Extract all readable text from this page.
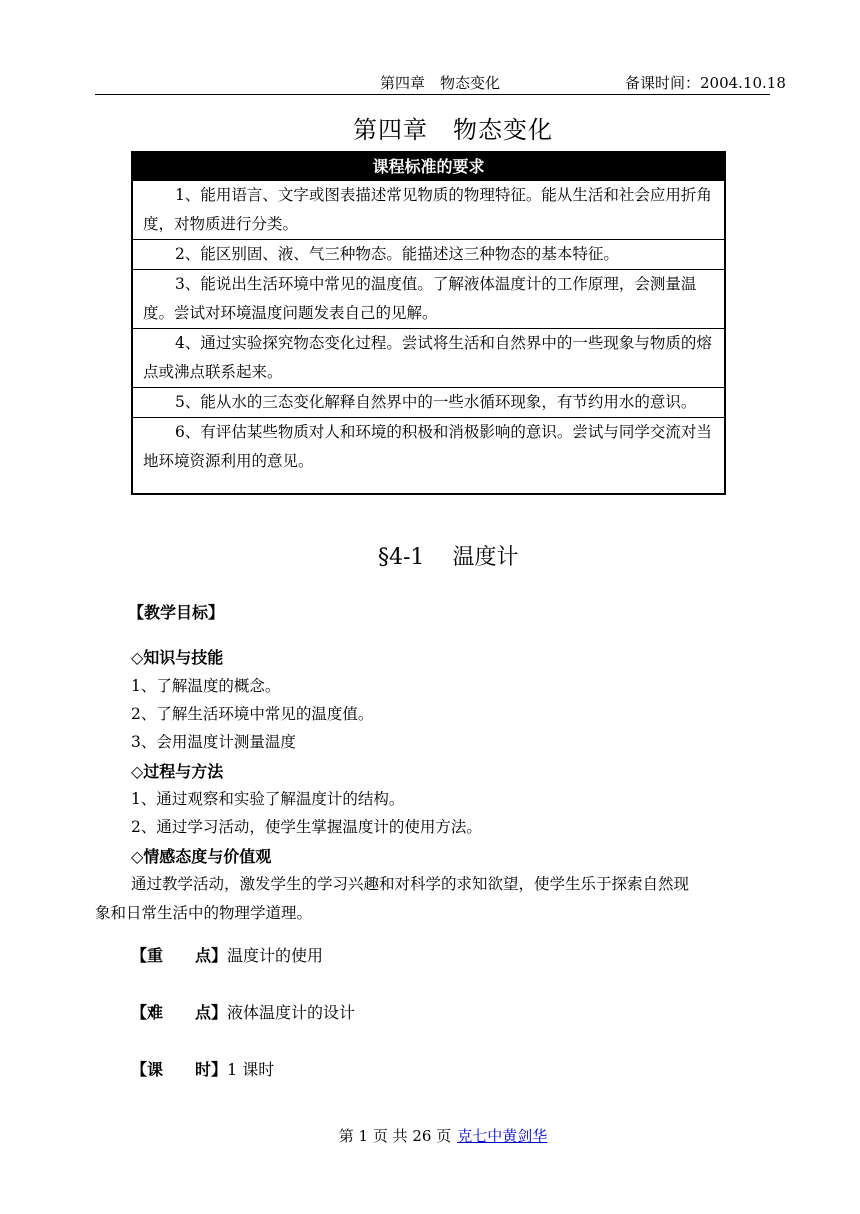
第四章　物态变化	备课时间：2004.10.18
第四章　物态变化
课程标准的要求
1、能用语言、文字或图表描述常见物质的物理特征。能从生活和社会应用折角度，对物质进行分类。
2、能区别固、液、气三种物态。能描述这三种物态的基本特征。
3、能说出生活环境中常见的温度值。了解液体温度计的工作原理，会测量温度。尝试对环境温度问题发表自己的见解。
4、通过实验探究物态变化过程。尝试将生活和自然界中的一些现象与物质的熔点或沸点联系起来。
5、能从水的三态变化解释自然界中的一些水循环现象，有节约用水的意识。
6、有评估某些物质对人和环境的积极和消极影响的意识。尝试与同学交流对当地环境资源利用的意见。
§4-1 温度计
【教学目标】
◇知识与技能
1、了解温度的概念。
2、了解生活环境中常见的温度值。
3、会用温度计测量温度
◇过程与方法
1、通过观察和实验了解温度计的结构。
2、通过学习活动，使学生掌握温度计的使用方法。
◇情感态度与价值观
通过教学活动，激发学生的学习兴趣和对科学的求知欲望，使学生乐于探索自然现
象和日常生活中的物理学道理。
【重　　点】温度计的使用
【难　　点】液体温度计的设计
【课　　时】1 课时
第 1 页 共 26 页 克七中黄剑华
